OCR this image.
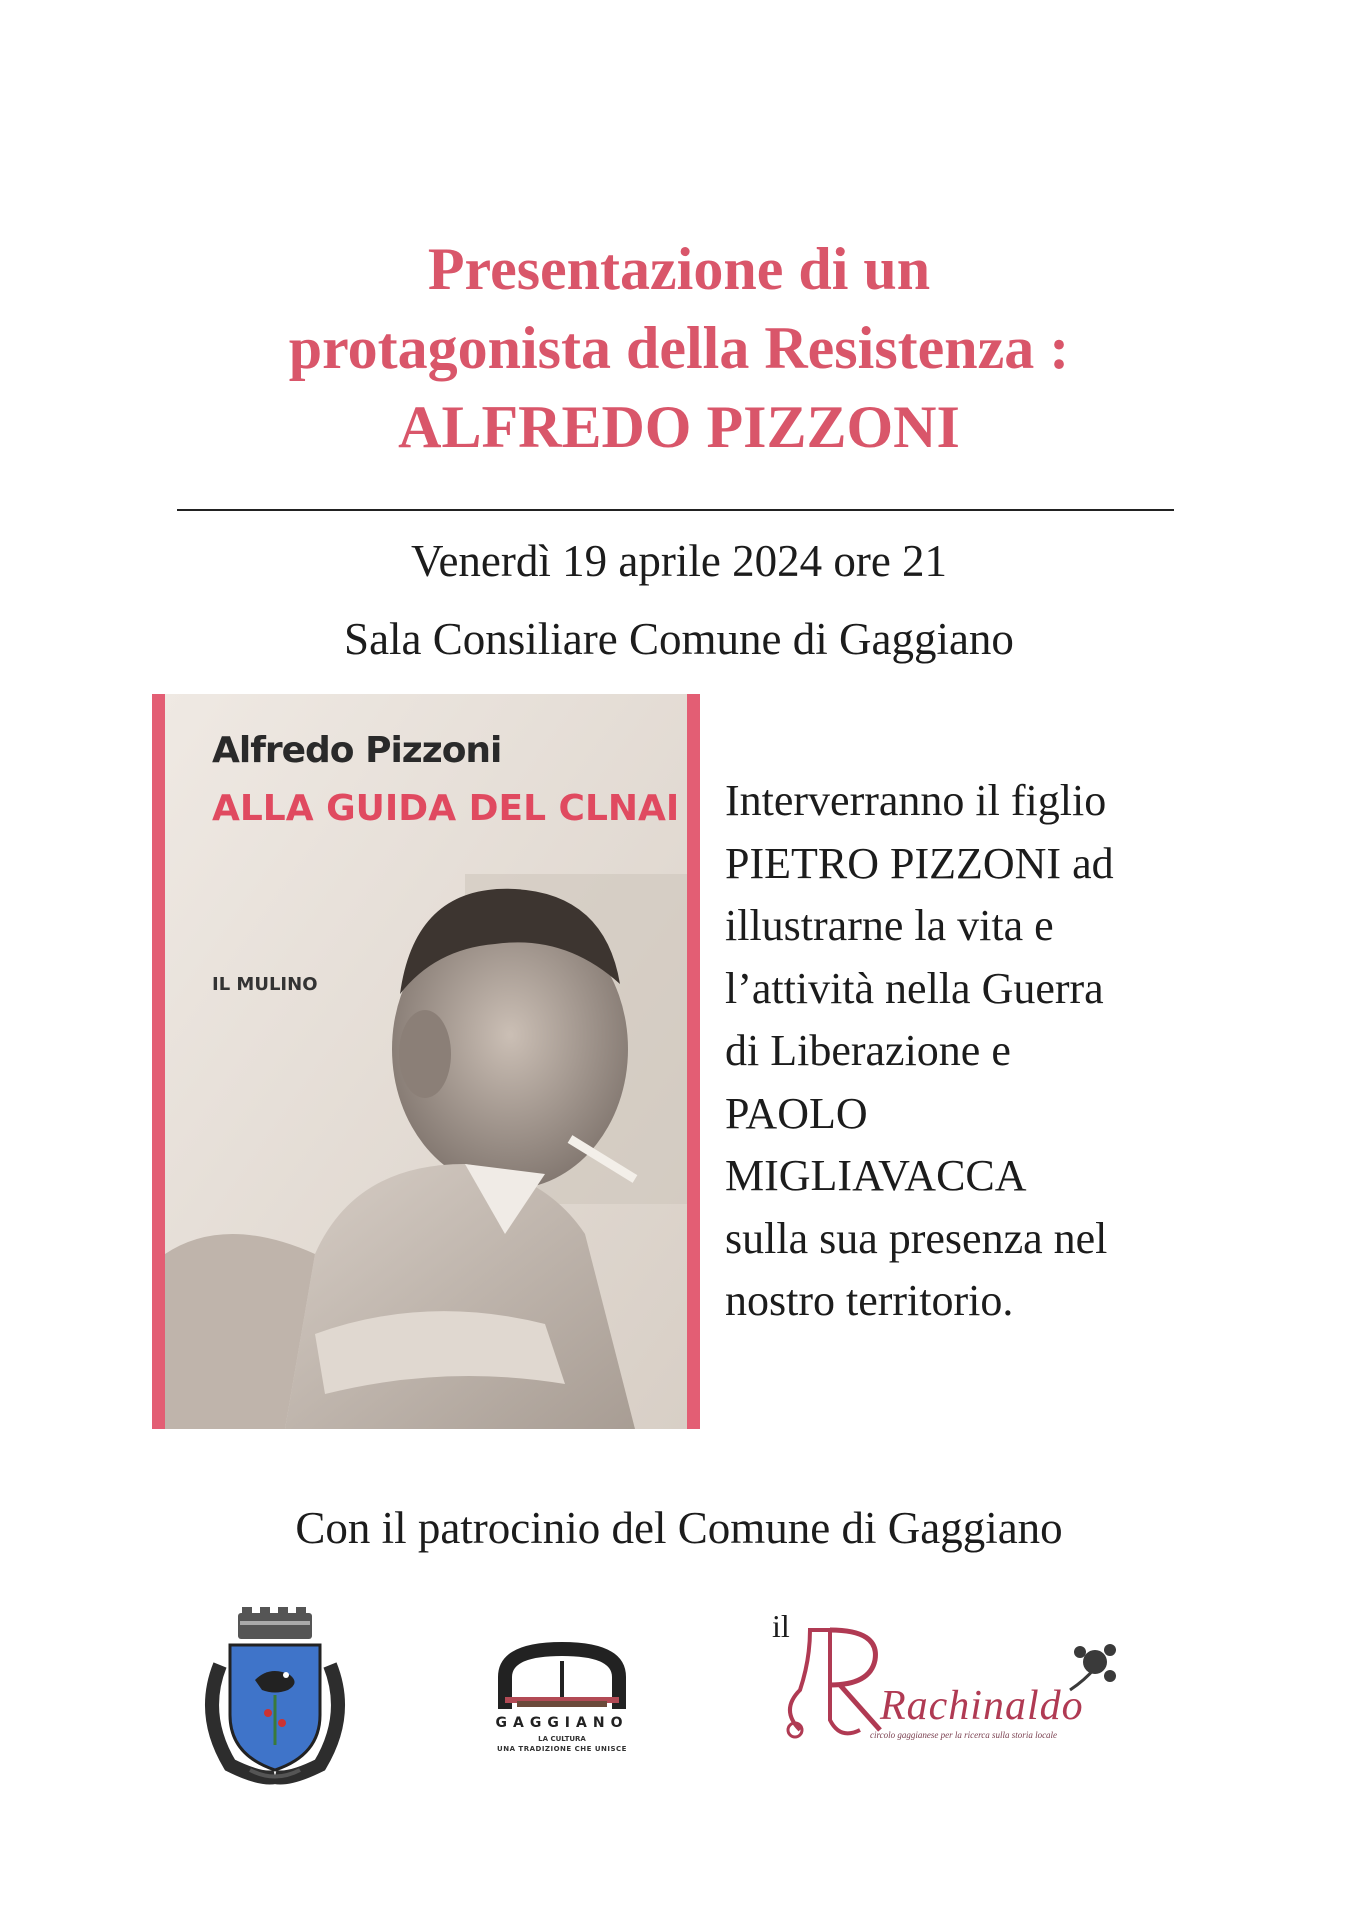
Presentazione di un
protagonista della Resistenza :
ALFREDO PIZZONI
Venerdì 19 aprile 2024 ore 21
Sala Consiliare Comune di Gaggiano
Alfredo Pizzoni
ALLA GUIDA DEL CLNAI
IL MULINO
Interverranno il figlio
PIETRO PIZZONI ad
illustrarne la vita e
l’attività nella Guerra
di Liberazione e
PAOLO
MIGLIAVACCA
sulla sua presenza nel
nostro territorio.
Con il patrocinio del Comune di Gaggiano
GAGGIANO
LA CULTURA
UNA TRADIZIONE CHE UNISCE
il
Rachinaldo
circolo gaggianese per la ricerca sulla storia locale
